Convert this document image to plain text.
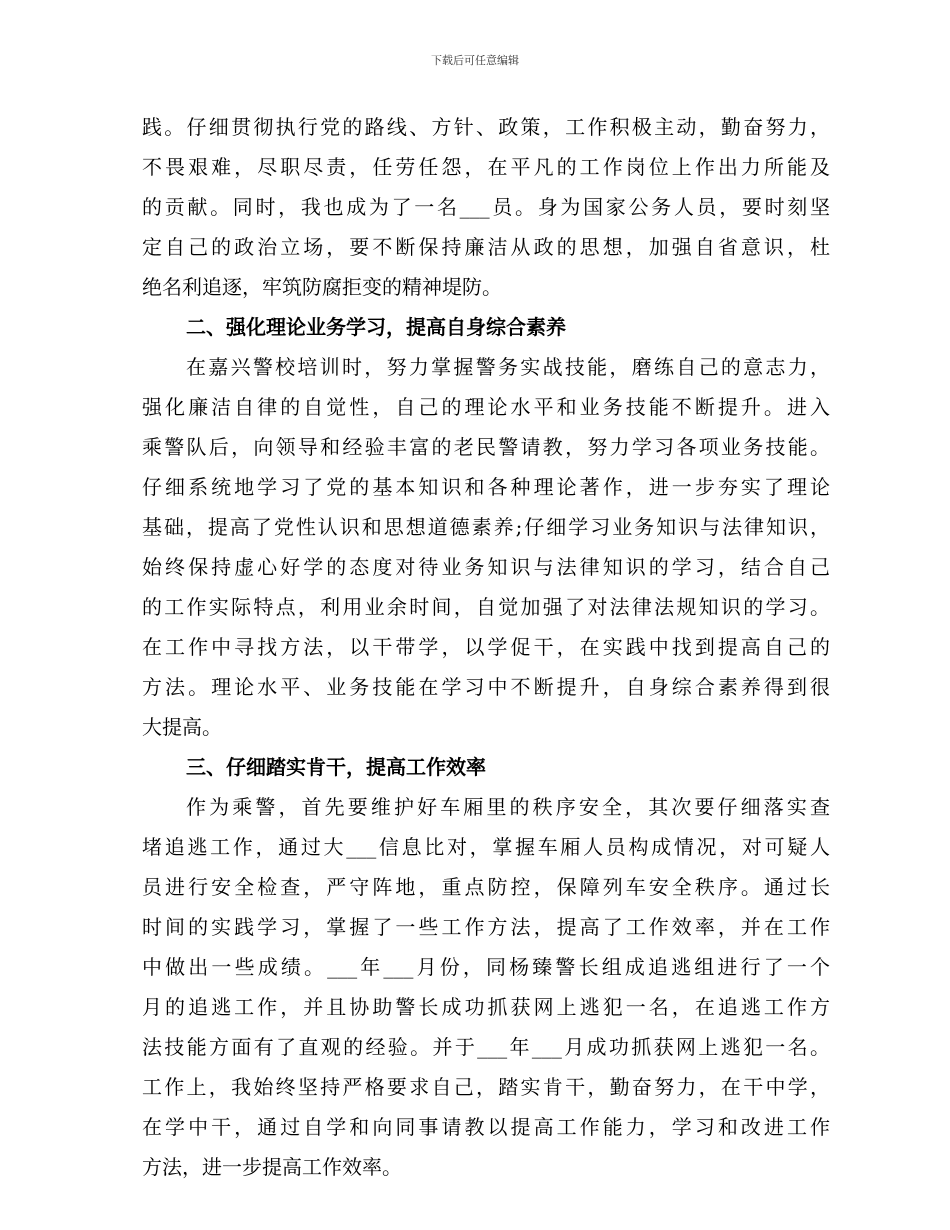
下载后可任意编辑
践。仔细贯彻执行党的路线、方针、政策，工作积极主动，勤奋努力，
不畏艰难，尽职尽责，任劳任怨，在平凡的工作岗位上作出力所能及
的贡献。同时，我也成为了一名___员。身为国家公务人员，要时刻坚
定自己的政治立场，要不断保持廉洁从政的思想，加强自省意识，杜
绝名利追逐，牢筑防腐拒变的精神堤防。
二、强化理论业务学习，提高自身综合素养
在嘉兴警校培训时，努力掌握警务实战技能，磨练自己的意志力，
强化廉洁自律的自觉性，自己的理论水平和业务技能不断提升。进入
乘警队后，向领导和经验丰富的老民警请教，努力学习各项业务技能。
仔细系统地学习了党的基本知识和各种理论著作，进一步夯实了理论
基础，提高了党性认识和思想道德素养;仔细学习业务知识与法律知识，
始终保持虚心好学的态度对待业务知识与法律知识的学习，结合自己
的工作实际特点，利用业余时间，自觉加强了对法律法规知识的学习。
在工作中寻找方法，以干带学，以学促干，在实践中找到提高自己的
方法。理论水平、业务技能在学习中不断提升，自身综合素养得到很
大提高。
三、仔细踏实肯干，提高工作效率
作为乘警，首先要维护好车厢里的秩序安全，其次要仔细落实查
堵追逃工作，通过大___信息比对，掌握车厢人员构成情况，对可疑人
员进行安全检查，严守阵地，重点防控，保障列车安全秩序。通过长
时间的实践学习，掌握了一些工作方法，提高了工作效率，并在工作
中做出一些成绩。___年___月份，同杨臻警长组成追逃组进行了一个
月的追逃工作，并且协助警长成功抓获网上逃犯一名，在追逃工作方
法技能方面有了直观的经验。并于___年___月成功抓获网上逃犯一名。
工作上，我始终坚持严格要求自己，踏实肯干，勤奋努力，在干中学，
在学中干，通过自学和向同事请教以提高工作能力，学习和改进工作
方法，进一步提高工作效率。
